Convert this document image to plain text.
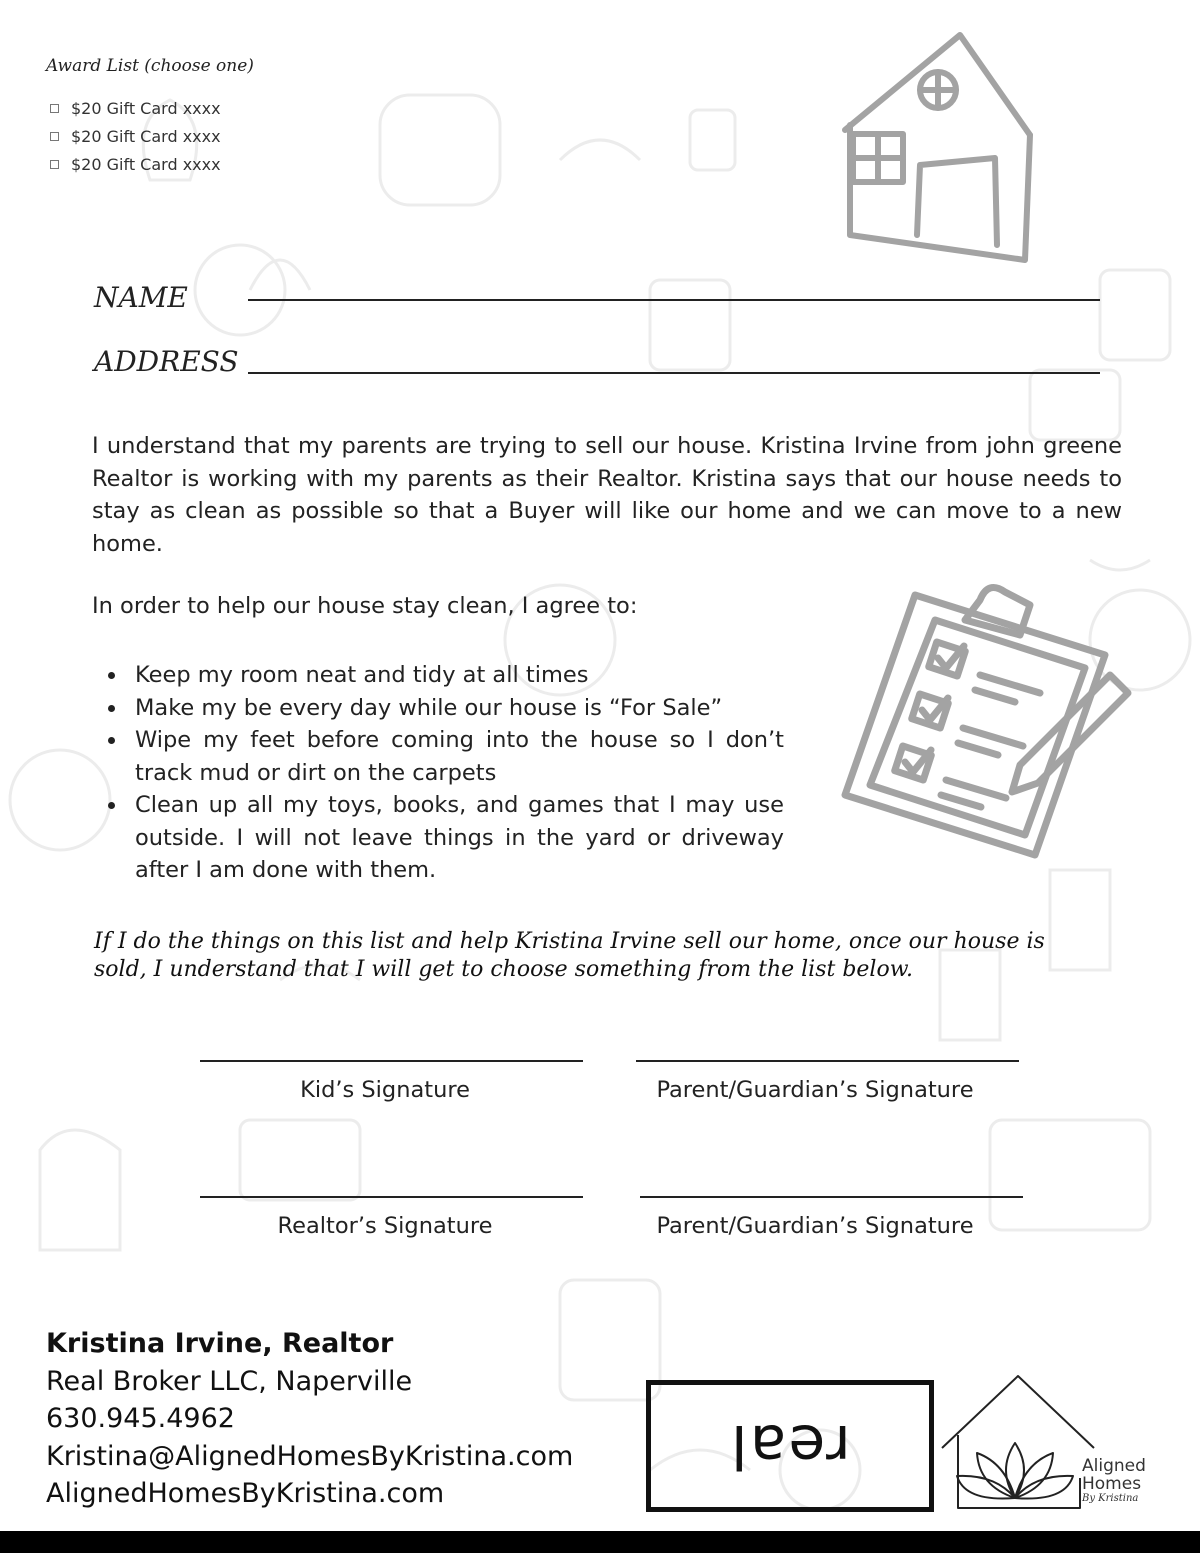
Award List (choose one)
$20 Gift Card xxxx
$20 Gift Card xxxx
$20 Gift Card xxxx
NAME
ADDRESS

I understand that my parents are trying to sell our house. Kristina Irvine from john greene Realtor is working with my parents as their Realtor. Kristina says that our house needs to stay as clean as possible so that a Buyer will like our home and we can move to a new home.

In order to help our house stay clean, I agree to:

Keep my room neat and tidy at all times
Make my be every day while our house is “For Sale”
Wipe my feet before coming into the house so I don’t track mud or dirt on the carpets
Clean up all my toys, books, and games that I may use outside. I will not leave things in the yard or driveway after I am done with them.

If I do the things on this list and help Kristina Irvine sell our home, once our house is sold, I understand that I will get to choose something from the list below.

Kid’s Signature	Parent/Guardian’s Signature
Realtor’s Signature	Parent/Guardian’s Signature
Kristina Irvine, Realtor
Real Broker LLC, Naperville
630.945.4962
Kristina@AlignedHomesByKristina.com
AlignedHomesByKristina.com
real	Aligned
Homes
By Kristina
